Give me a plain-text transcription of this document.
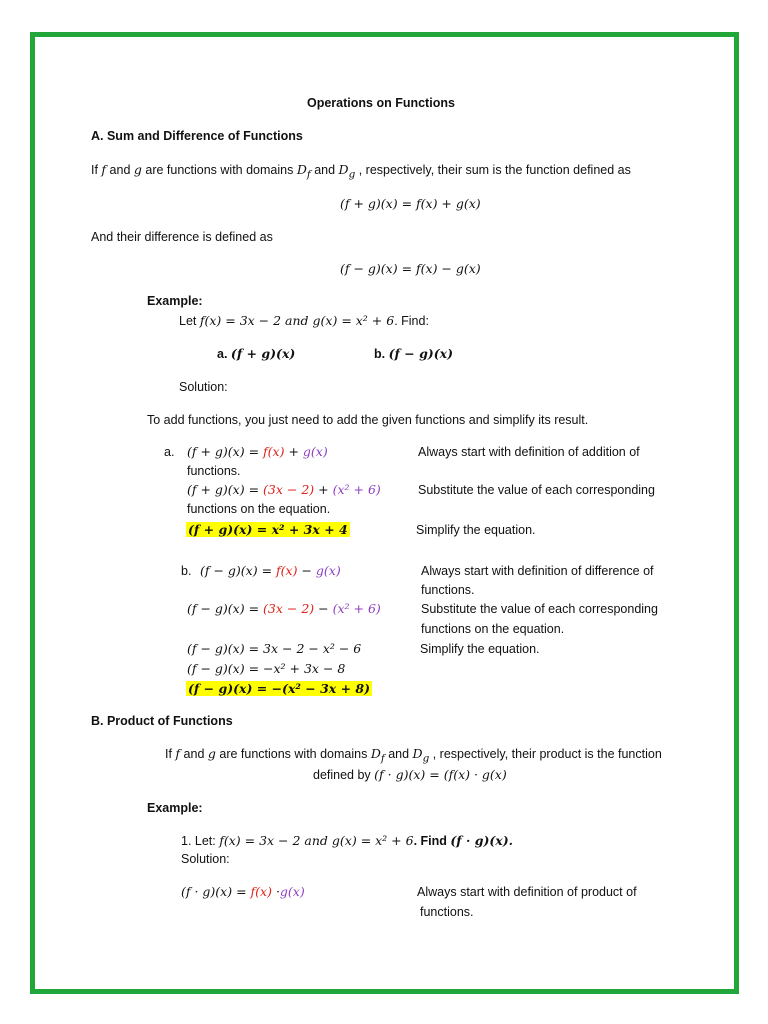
Operations on Functions
A. Sum and Difference of Functions
If f and g are functions with domains $D_f$ and $D_g$ , respectively, their sum is the function defined as
(f + g)(x) = f(x) + g(x)
And their difference is defined as
(f − g)(x) = f(x) − g(x)
Example:
Let f(x) = 3x − 2 and g(x) = x² + 6. Find:
a. (f + g)(x)	b. (f − g)(x)
Solution:
To add functions, you just need to add the given functions and simplify its result.
a. (f + g)(x) = f(x) + g(x)	Always start with definition of addition of
functions.
(f + g)(x) = (3x − 2) + (x² + 6)	Substitute the value of each corresponding
functions on the equation.
(f + g)(x) = x² + 3x + 4	Simplify the equation.
b. (f − g)(x) = f(x) − g(x)	Always start with definition of difference of
functions.
(f − g)(x) = (3x − 2) − (x² + 6)	Substitute the value of each corresponding
functions on the equation.
(f − g)(x) = 3x − 2 − x² − 6	Simplify the equation.
(f − g)(x) = −x² + 3x − 8
(f − g)(x) = −(x² − 3x + 8)
B. Product of Functions
If f and g are functions with domains $D_f$ and $D_g$ , respectively, their product is the function
defined by (f · g)(x) = (f(x) · g(x)
Example:
1. Let: f(x) = 3x − 2 and g(x) = x² + 6. Find (f · g)(x).
Solution:
(f · g)(x) = f(x) ·g(x)	Always start with definition of product of
functions.
